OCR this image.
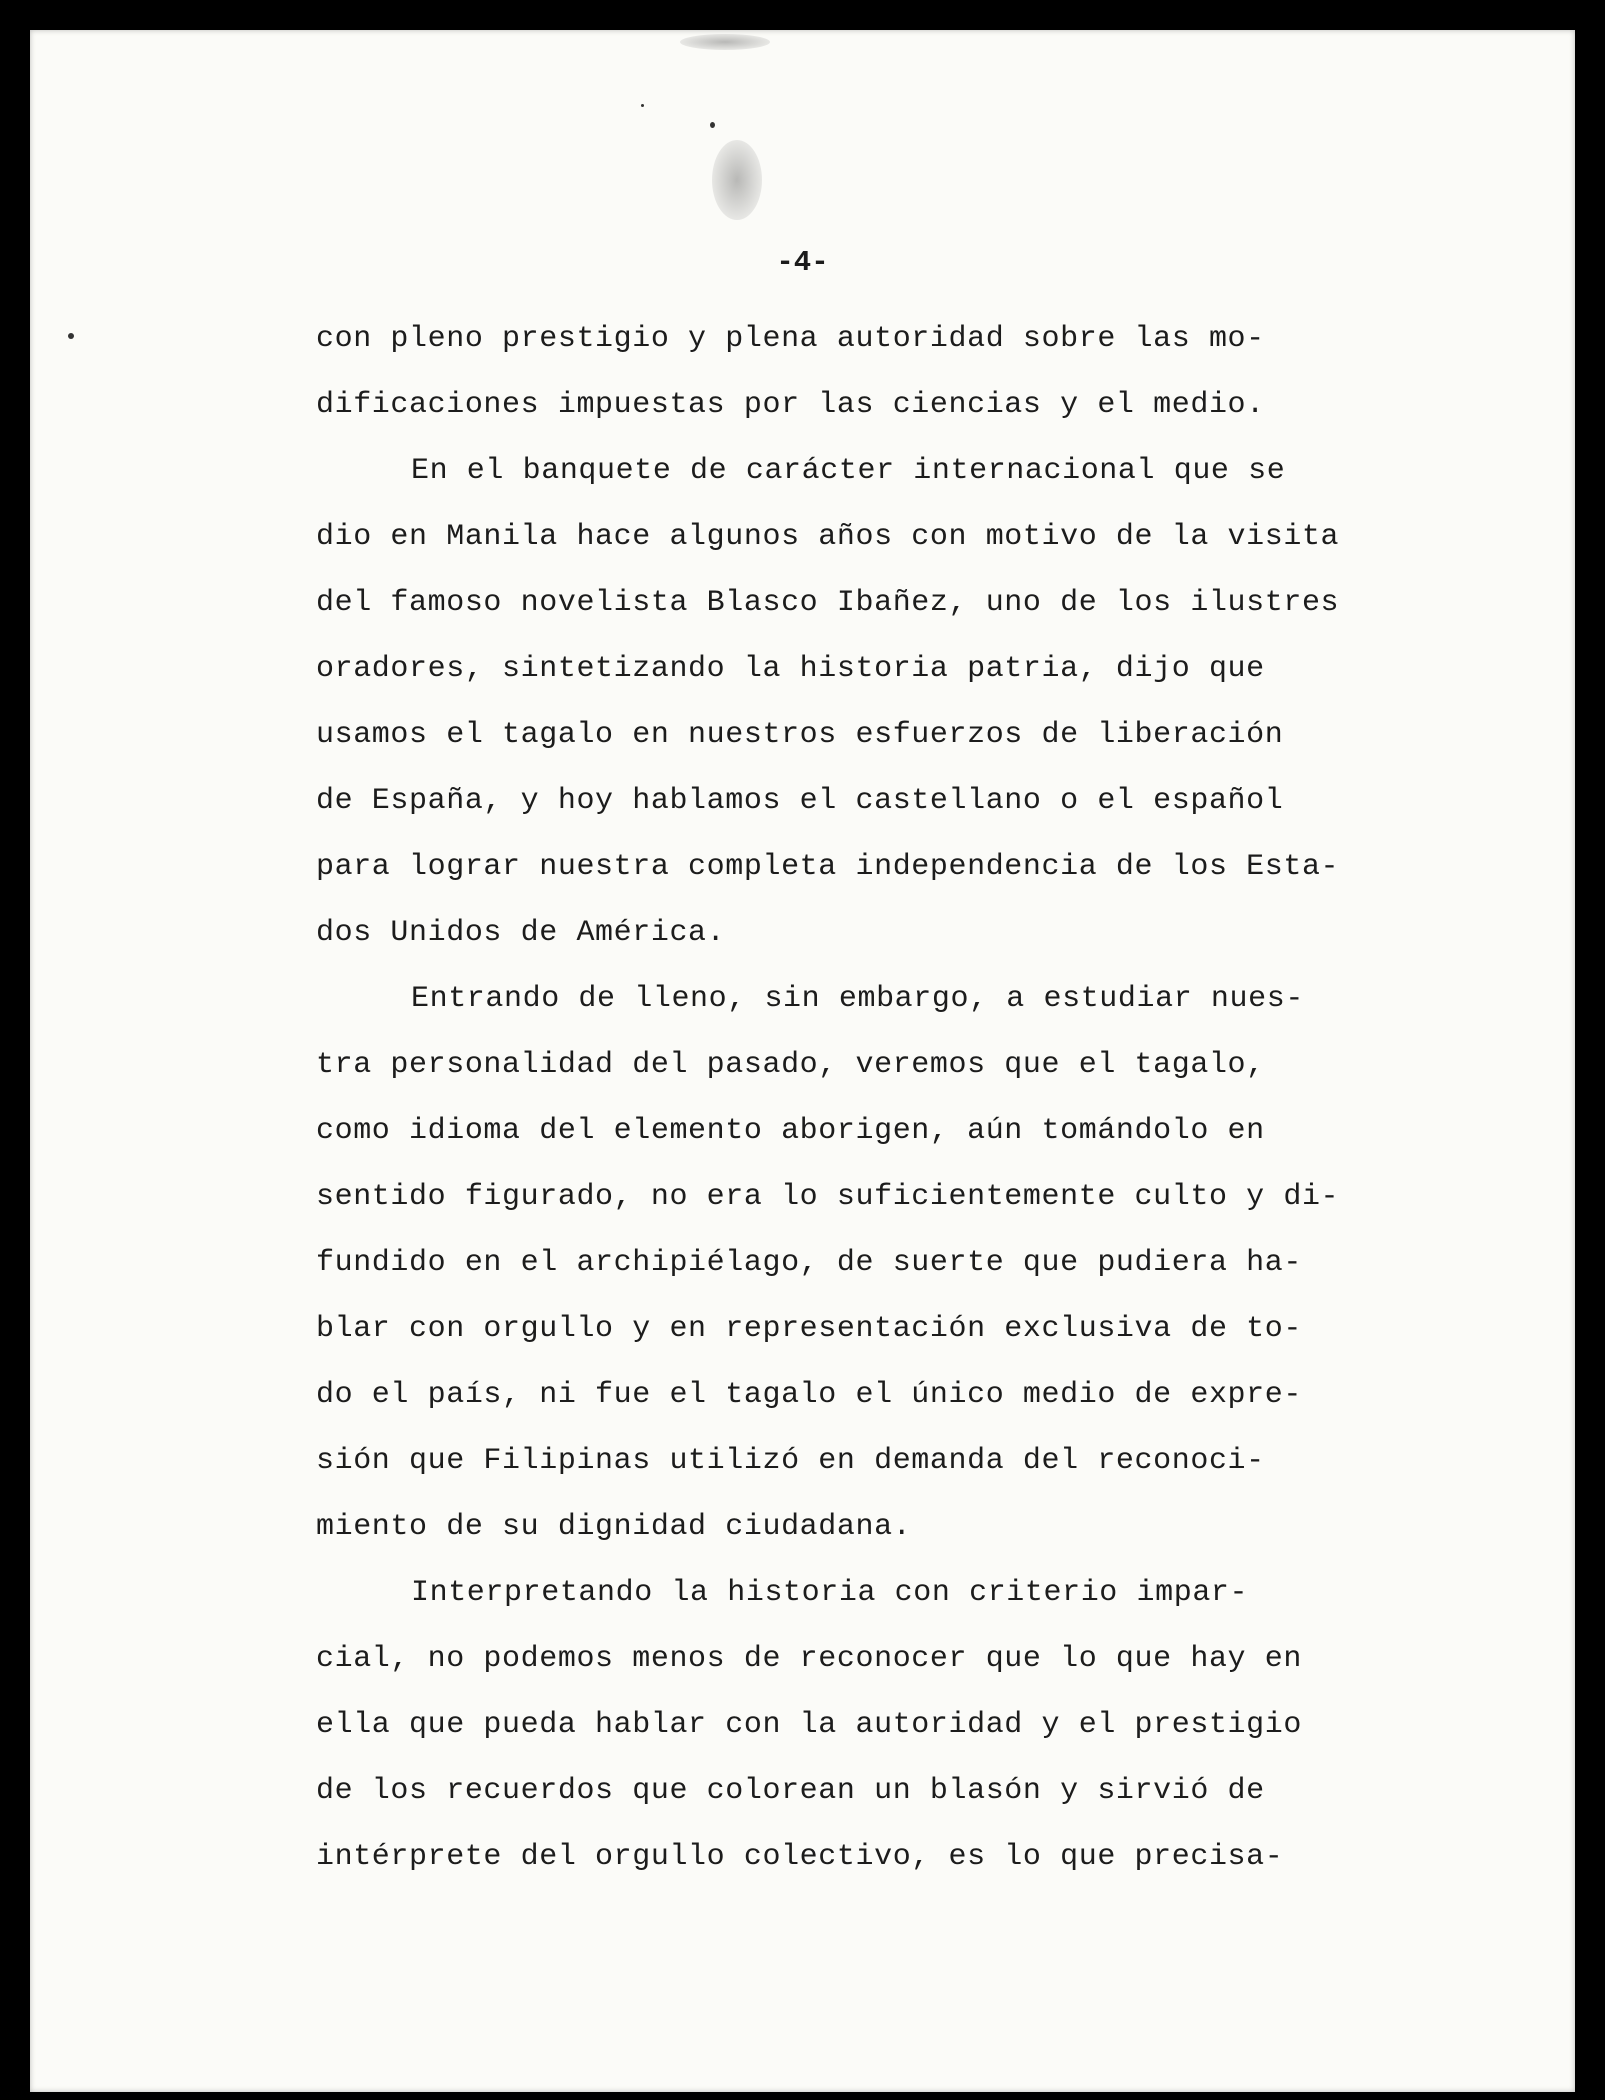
-4-
con pleno prestigio y plena autoridad sobre las mo-
dificaciones impuestas por las ciencias y el medio.
En el banquete de carácter internacional que se
dio en Manila hace algunos años con motivo de la visita
del famoso novelista Blasco Ibañez, uno de los ilustres
oradores, sintetizando la historia patria, dijo que
usamos el tagalo en nuestros esfuerzos de liberación
de España, y hoy hablamos el castellano o el español
para lograr nuestra completa independencia de los Esta-
dos Unidos de América.
Entrando de lleno, sin embargo, a estudiar nues-
tra personalidad del pasado, veremos que el tagalo,
como idioma del elemento aborigen, aún tomándolo en
sentido figurado, no era lo suficientemente culto y di-
fundido en el archipiélago, de suerte que pudiera ha-
blar con orgullo y en representación exclusiva de to-
do el país, ni fue el tagalo el único medio de expre-
sión que Filipinas utilizó en demanda del reconoci-
miento de su dignidad ciudadana.
Interpretando la historia con criterio impar-
cial, no podemos menos de reconocer que lo que hay en
ella que pueda hablar con la autoridad y el prestigio
de los recuerdos que colorean un blasón y sirvió de
intérprete del orgullo colectivo, es lo que precisa-
